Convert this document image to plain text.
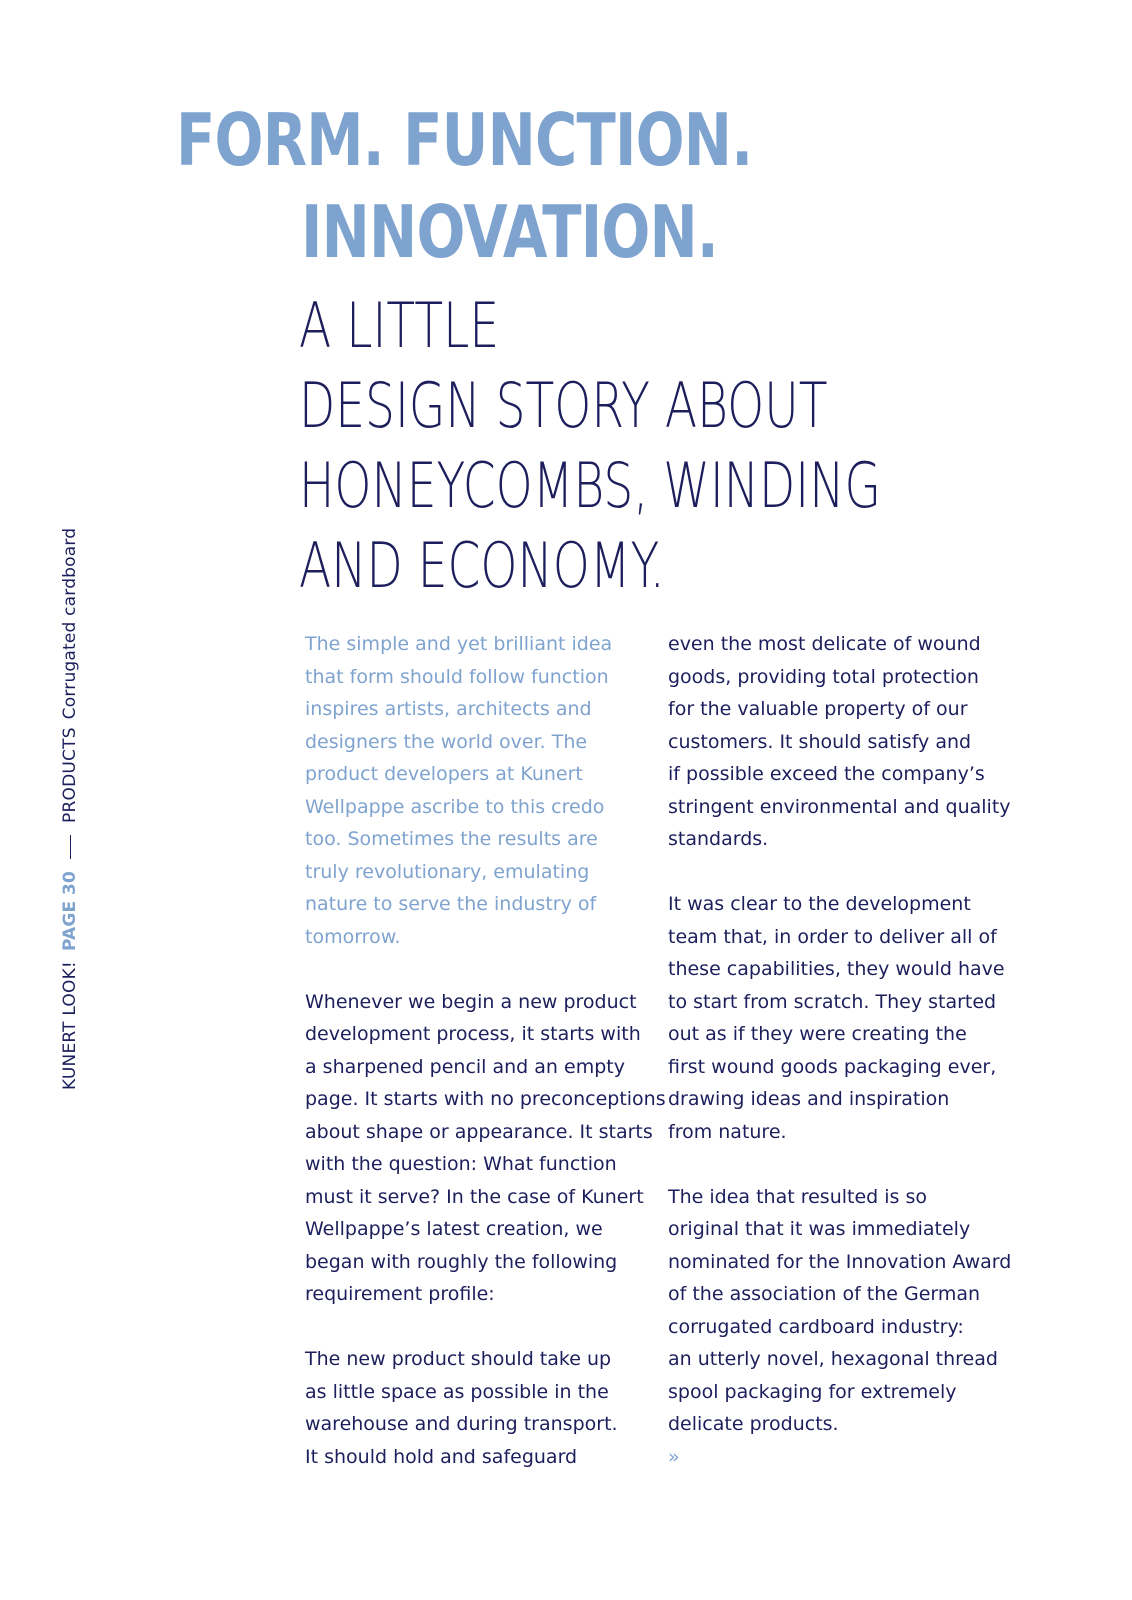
FORM. FUNCTION.
INNOVATION.
A LITTLE
DESIGN STORY ABOUT
HONEYCOMBS, WINDING
AND ECONOMY.
KUNERT LOOK!PAGE 30PRODUCTSCorrugated cardboard	The simple and yet brilliant idea
that form should follow function
inspires artists, architects and
designers the world over. The
product developers at Kunert
Wellpappe ascribe to this credo
too. Sometimes the results are
truly revolutionary, emulating
nature to serve the industry of
tomorrow.

Whenever we begin a new product
development process, it starts with
a sharpened pencil and an empty
page. It starts with no preconceptions
about shape or appearance. It starts
with the question: What function
must it serve? In the case of Kunert
Wellpappe’s latest creation, we
began with roughly the following
requirement profile:

The new product should take up
as little space as possible in the
warehouse and during transport.
It should hold and safeguard

even the most delicate of wound
goods, providing total protection
for the valuable property of our
customers. It should satisfy and
if possible exceed the company’s
stringent environmental and quality
standards.

It was clear to the development
team that, in order to deliver all of
these capabilities, they would have
to start from scratch. They started
out as if they were creating the
first wound goods packaging ever,
drawing ideas and inspiration
from nature.

The idea that resulted is so
original that it was immediately
nominated for the Innovation Award
of the association of the German
corrugated cardboard industry:
an utterly novel, hexagonal thread
spool packaging for extremely
delicate products.
»
